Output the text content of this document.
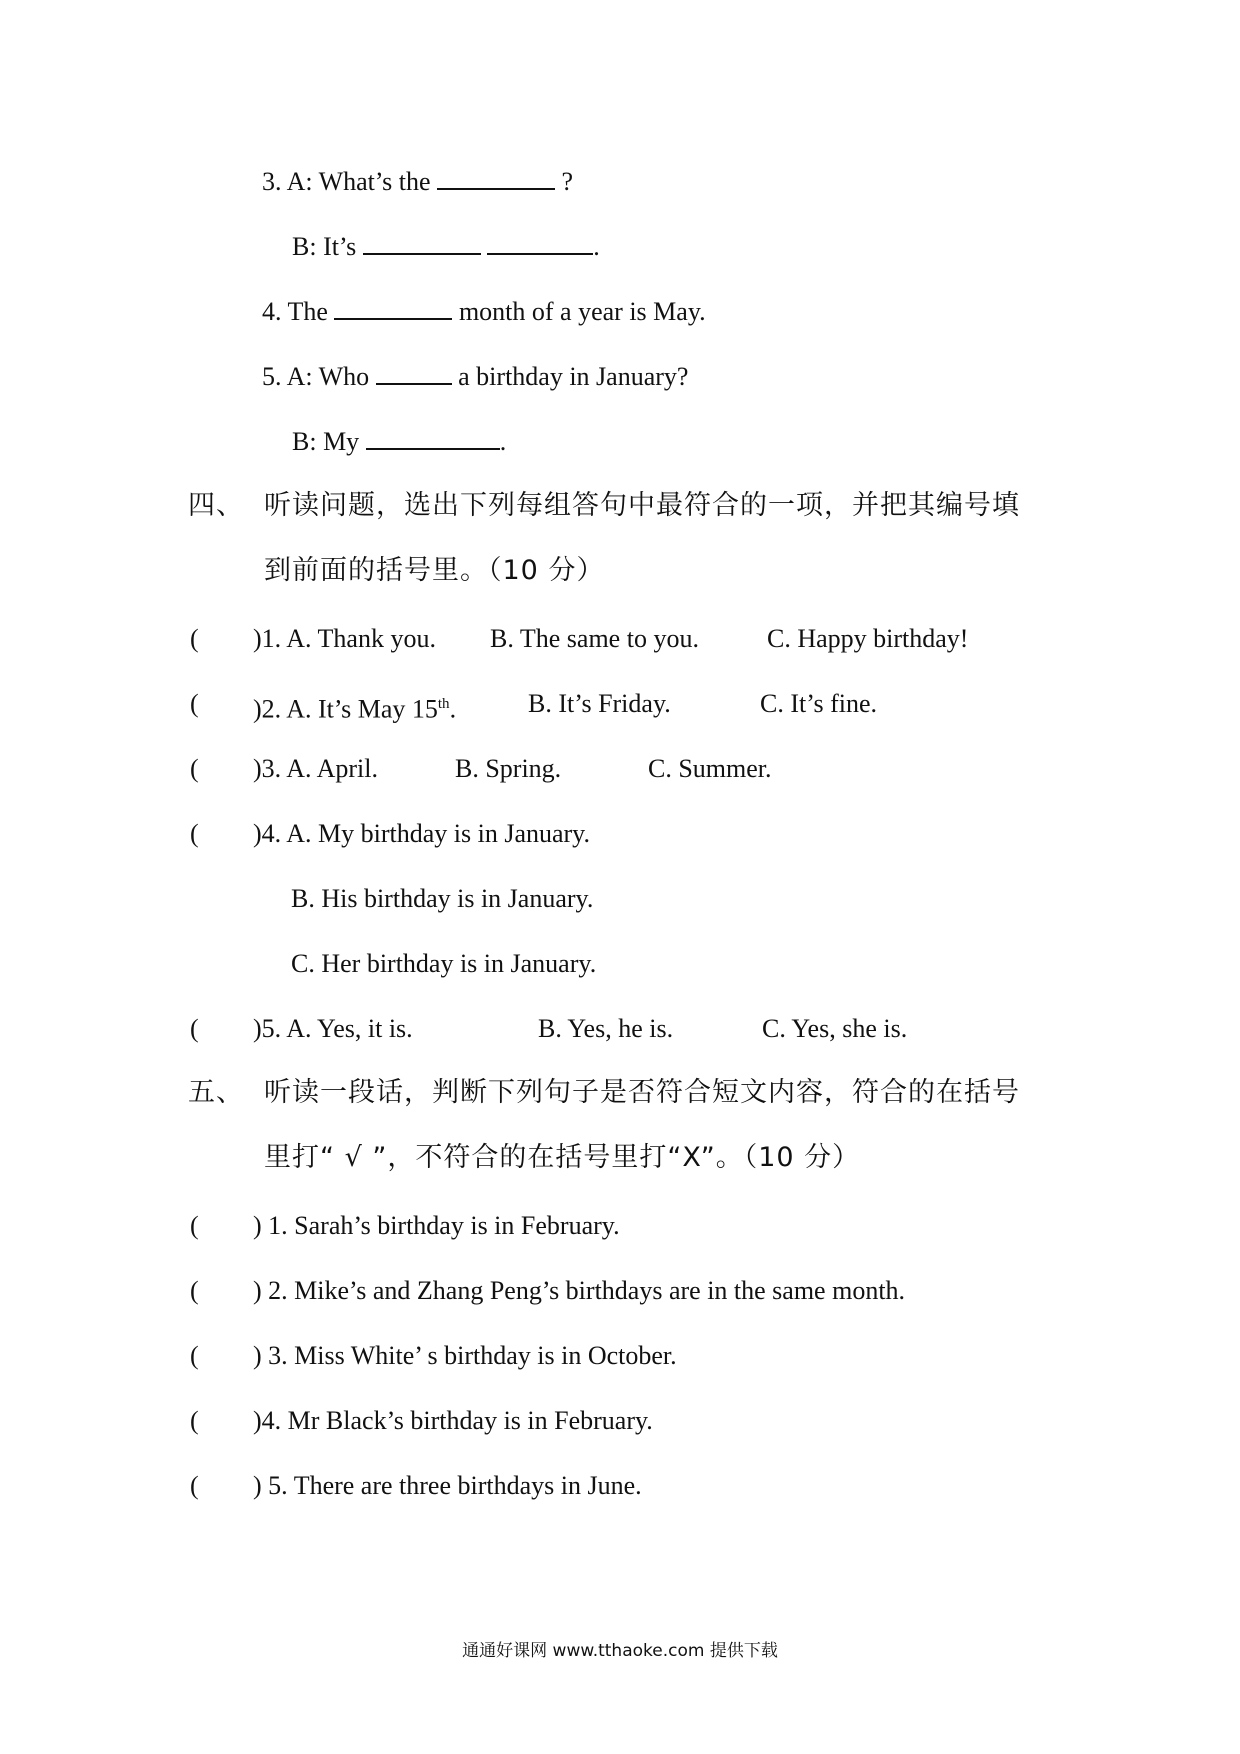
3. A: What’s the	?
B: It’s	.
4. The	month of a year is May.
5. A: Who	a birthday in January?
B: My	.
四、 听读问题，选出下列每组答句中最符合的一项，并把其编号填
到前面的括号里。（10 分）
( )1. A. Thank you. B. The same to you.	C. Happy birthday!
( )2. A. It’s May 15th.	B. It’s Friday.	C. It’s fine.
( )3. A. April.	B. Spring.	C. Summer.
( )4. A. My birthday is in January.
B. His birthday is in January.
C. Her birthday is in January.
( )5. A. Yes, it is.	B. Yes, he is.	C. Yes, she is.
五、 听读一段话，判断下列句子是否符合短文内容，符合的在括号
里打“ √ ”，不符合的在括号里打“X”。（10 分）
( ) 1. Sarah’s birthday is in February.
( ) 2. Mike’s and Zhang Peng’s birthdays are in the same month.
( ) 3. Miss White’ s birthday is in October.
( )4. Mr Black’s birthday is in February.
( ) 5. There are three birthdays in June.
通通好课网 www.tthaoke.com 提供下载
